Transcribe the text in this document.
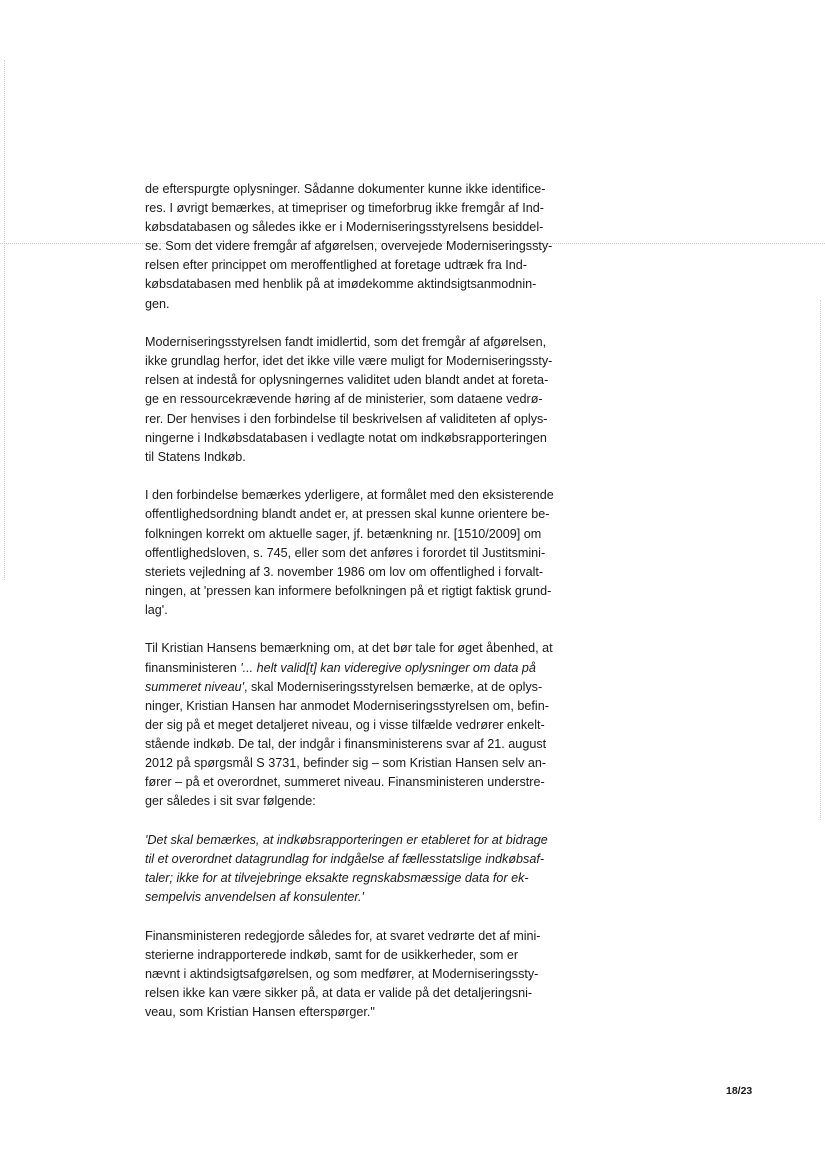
de efterspurgte oplysninger. Sådanne dokumenter kunne ikke identifice-
res. I øvrigt bemærkes, at timepriser og timeforbrug ikke fremgår af Ind-
købsdatabasen og således ikke er i Moderniseringsstyrelsens besiddel-
se. Som det videre fremgår af afgørelsen, overvejede Moderniseringssty-
relsen efter princippet om meroffentlighed at foretage udtræk fra Ind-
købsdatabasen med henblik på at imødekomme aktindsigtsanmodnin-
gen.

Moderniseringsstyrelsen fandt imidlertid, som det fremgår af afgørelsen,
ikke grundlag herfor, idet det ikke ville være muligt for Moderniseringssty-
relsen at indestå for oplysningernes validitet uden blandt andet at foreta-
ge en ressourcekrævende høring af de ministerier, som dataene vedrø-
rer. Der henvises i den forbindelse til beskrivelsen af validiteten af oplys-
ningerne i Indkøbsdatabasen i vedlagte notat om indkøbsrapporteringen
til Statens Indkøb.

I den forbindelse bemærkes yderligere, at formålet med den eksisterende
offentlighedsordning blandt andet er, at pressen skal kunne orientere be-
folkningen korrekt om aktuelle sager, jf. betænkning nr. [1510/2009] om
offentlighedsloven, s. 745, eller som det anføres i forordet til Justitsmini-
steriets vejledning af 3. november 1986 om lov om offentlighed i forvalt-
ningen, at 'pressen kan informere befolkningen på et rigtigt faktisk grund-
lag'.

Til Kristian Hansens bemærkning om, at det bør tale for øget åbenhed, at
finansministeren '... helt valid[t] kan videregive oplysninger om data på
summeret niveau', skal Moderniseringsstyrelsen bemærke, at de oplys-
ninger, Kristian Hansen har anmodet Moderniseringsstyrelsen om, befin-
der sig på et meget detaljeret niveau, og i visse tilfælde vedrører enkelt-
stående indkøb. De tal, der indgår i finansministerens svar af 21. august
2012 på spørgsmål S 3731, befinder sig – som Kristian Hansen selv an-
fører – på et overordnet, summeret niveau. Finansministeren understre-
ger således i sit svar følgende:

'Det skal bemærkes, at indkøbsrapporteringen er etableret for at bidrage
til et overordnet datagrundlag for indgåelse af fællesstatslige indkøbsaf-
taler; ikke for at tilvejebringe eksakte regnskabsmæssige data for ek-
sempelvis anvendelsen af konsulenter.'

Finansministeren redegjorde således for, at svaret vedrørte det af mini-
sterierne indrapporterede indkøb, samt for de usikkerheder, som er
nævnt i aktindsigtsafgørelsen, og som medfører, at Moderniseringssty-
relsen ikke kan være sikker på, at data er valide på det detaljeringsni-
veau, som Kristian Hansen efterspørger."

18/23
